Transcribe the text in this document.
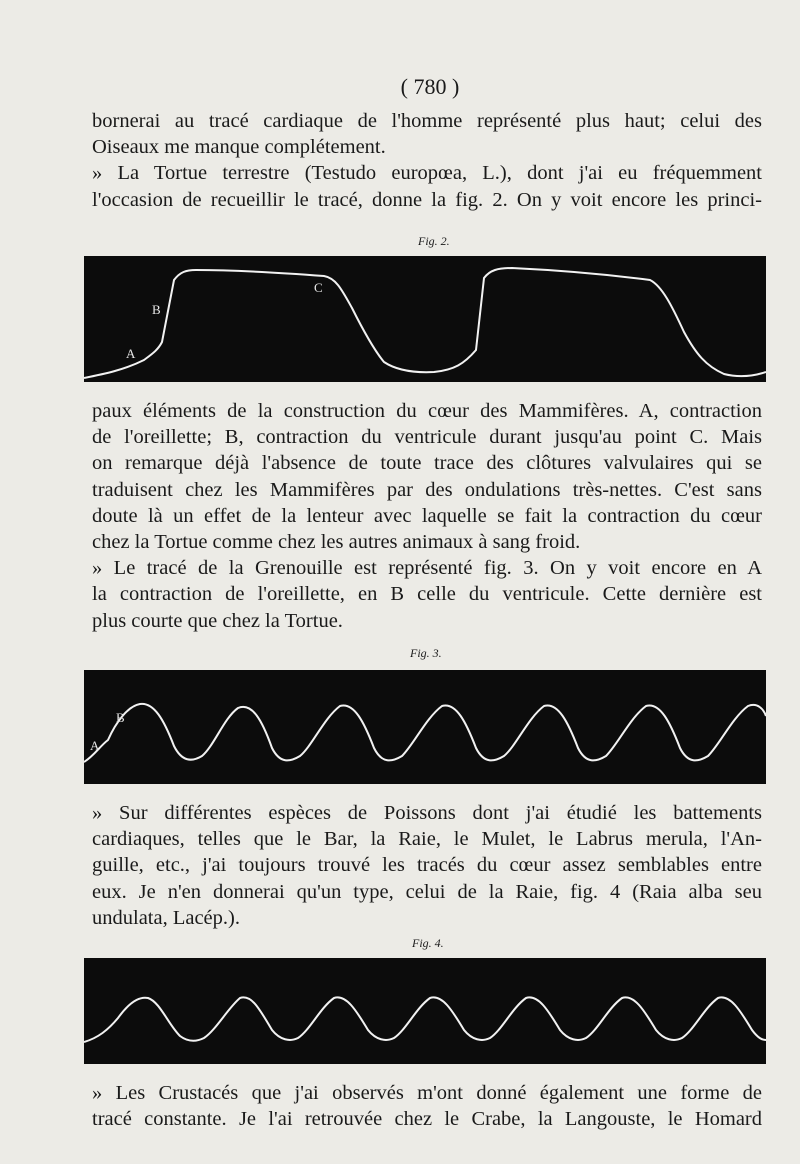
( 780 )
bornerai au tracé cardiaque de l'homme représenté plus haut; celui des
Oiseaux me manque complétement.
» La Tortue terrestre (Testudo europœa, L.), dont j'ai eu fréquemment
l'occasion de recueillir le tracé, donne la fig. 2. On y voit encore les princi-
Fig. 2.
A
B
C
paux éléments de la construction du cœur des Mammifères. A, contraction
de l'oreillette; B, contraction du ventricule durant jusqu'au point C. Mais
on remarque déjà l'absence de toute trace des clôtures valvulaires qui se
traduisent chez les Mammifères par des ondulations très-nettes. C'est sans
doute là un effet de la lenteur avec laquelle se fait la contraction du cœur
chez la Tortue comme chez les autres animaux à sang froid.
» Le tracé de la Grenouille est représenté fig. 3. On y voit encore en A
la contraction de l'oreillette, en B celle du ventricule. Cette dernière est
plus courte que chez la Tortue.
Fig. 3.
A
B
» Sur différentes espèces de Poissons dont j'ai étudié les battements
cardiaques, telles que le Bar, la Raie, le Mulet, le Labrus merula, l'An-
guille, etc., j'ai toujours trouvé les tracés du cœur assez semblables entre
eux. Je n'en donnerai qu'un type, celui de la Raie, fig. 4 (Raia alba seu
undulata, Lacép.).
Fig. 4.
» Les Crustacés que j'ai observés m'ont donné également une forme de
tracé constante. Je l'ai retrouvée chez le Crabe, la Langouste, le Homard
